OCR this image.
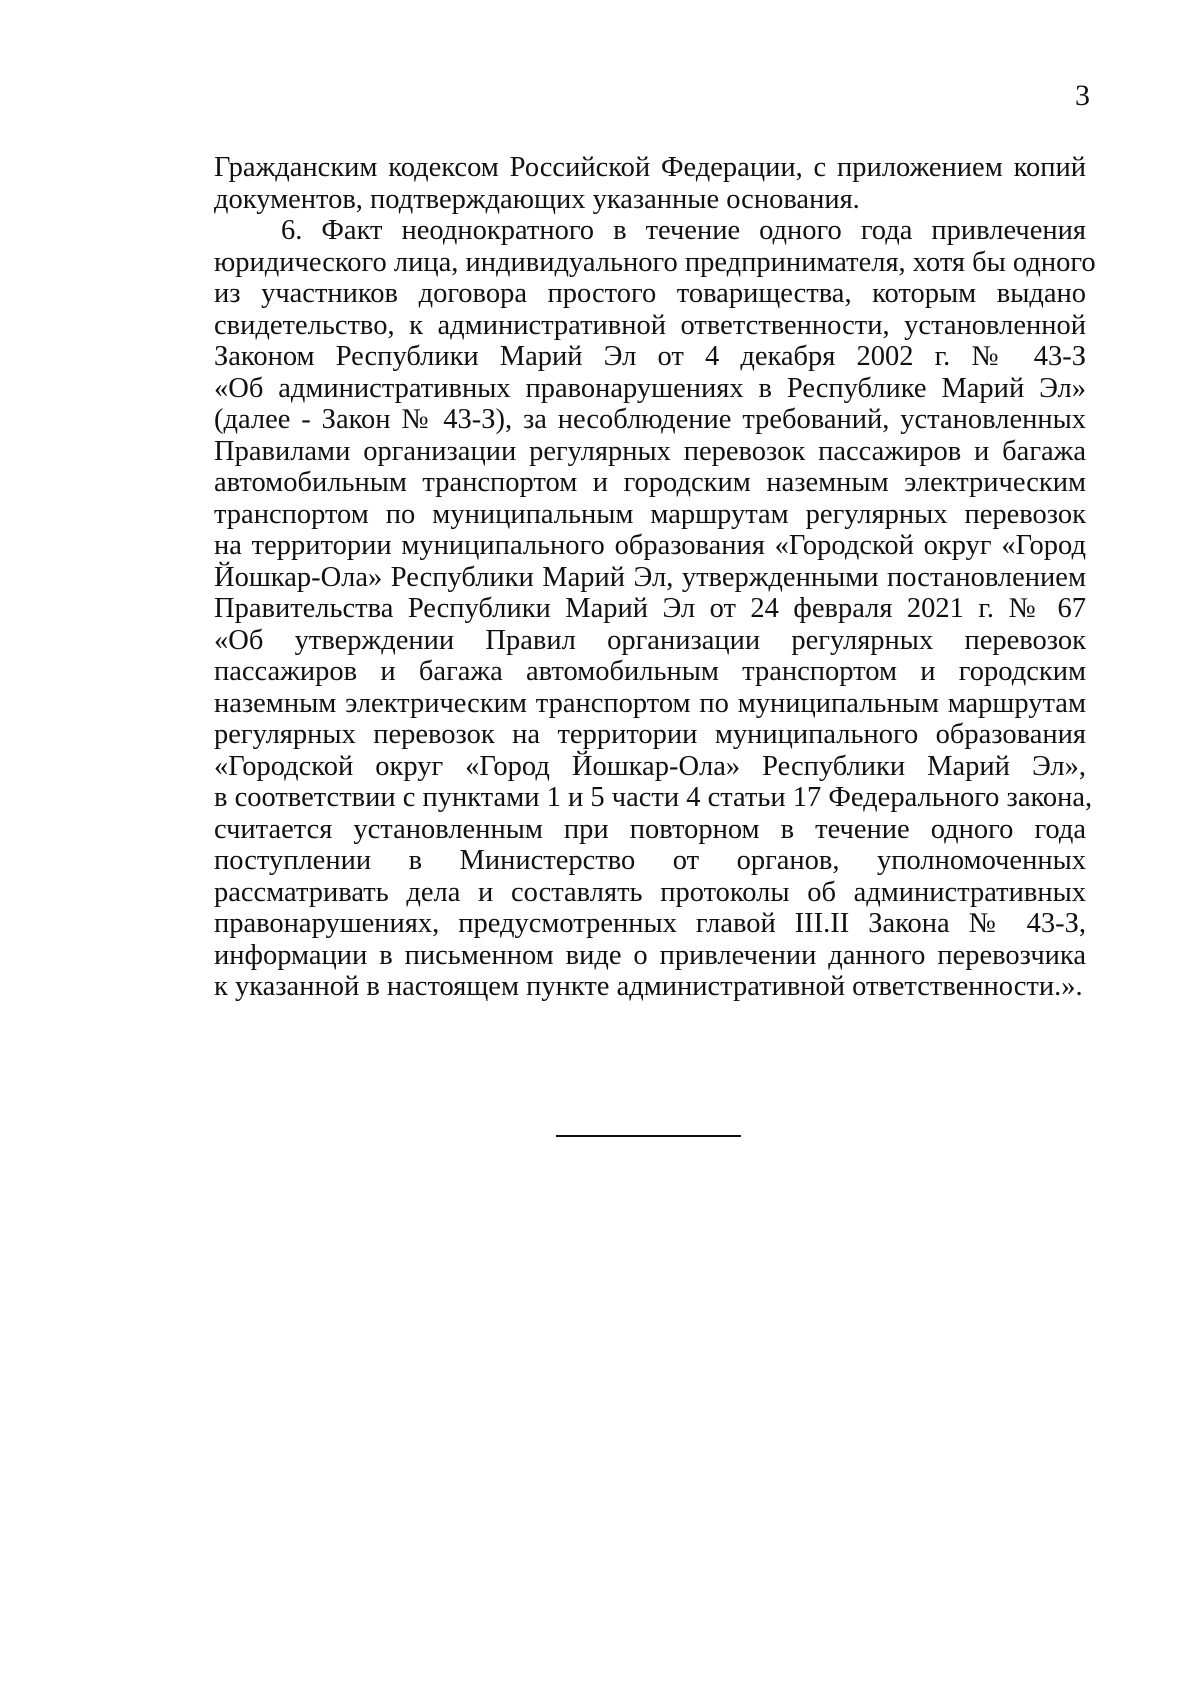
3
Гражданским кодексом Российской Федерации, с приложением копий
документов, подтверждающих указанные основания.
6. Факт неоднократного в течение одного года привлечения
юридического лица, индивидуального предпринимателя, хотя бы одного
из участников договора простого товарищества, которым выдано
свидетельство, к административной ответственности, установленной
Законом Республики Марий Эл от 4 декабря 2002 г. № 43-З
«Об административных правонарушениях в Республике Марий Эл»
(далее - Закон № 43-З), за несоблюдение требований, установленных
Правилами организации регулярных перевозок пассажиров и багажа
автомобильным транспортом и городским наземным электрическим
транспортом по муниципальным маршрутам регулярных перевозок
на территории муниципального образования «Городской округ «Город
Йошкар-Ола» Республики Марий Эл, утвержденными постановлением
Правительства Республики Марий Эл от 24 февраля 2021 г. № 67
«Об утверждении Правил организации регулярных перевозок
пассажиров и багажа автомобильным транспортом и городским
наземным электрическим транспортом по муниципальным маршрутам
регулярных перевозок на территории муниципального образования
«Городской округ «Город Йошкар-Ола» Республики Марий Эл»,
в соответствии с пунктами 1 и 5 части 4 статьи 17 Федерального закона,
считается установленным при повторном в течение одного года
поступлении в Министерство от органов, уполномоченных
рассматривать дела и составлять протоколы об административных
правонарушениях, предусмотренных главой III.II Закона № 43-З,
информации в письменном виде о привлечении данного перевозчика
к указанной в настоящем пункте административной ответственности.».
